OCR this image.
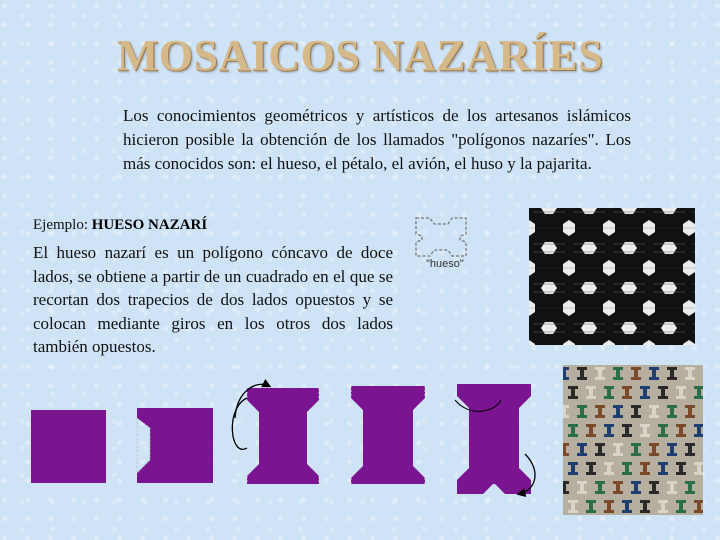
MOSAICOS NAZARÍES
Los conocimientos geométricos y artísticos de los artesanos islámicos hicieron posible la obtención de los llamados "polígonos nazaríes". Los más conocidos son: el hueso, el pétalo, el avión, el huso y la pajarita.
Ejemplo: HUESO NAZARÍ
El hueso nazarí es un polígono cóncavo de doce lados, se obtiene a partir de un cuadrado en el que se recortan dos trapecios de dos lados opuestos y se colocan mediante giros en los otros dos lados también opuestos.
"hueso"
